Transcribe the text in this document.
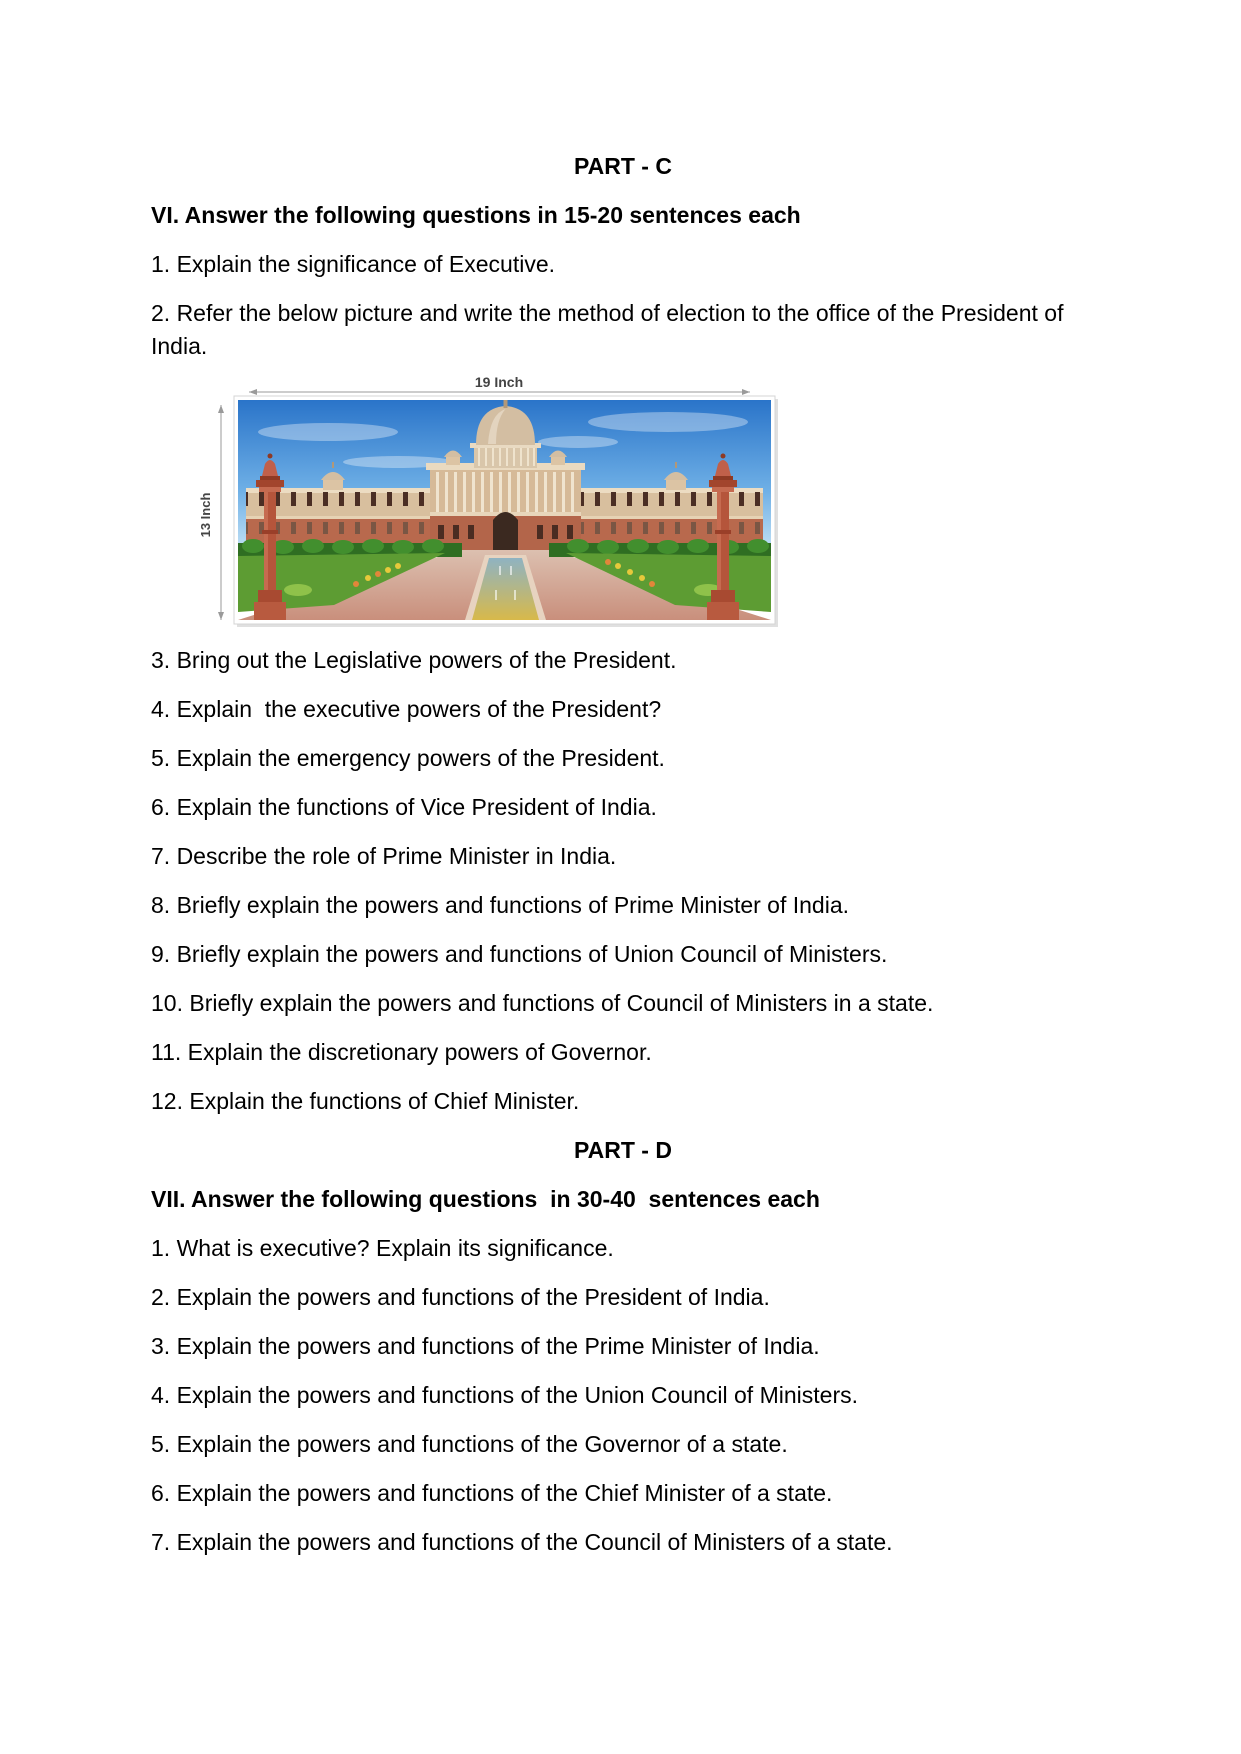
PART - C

VI. Answer the following questions in 15-20 sentences each

1. Explain the significance of Executive.

2. Refer the below picture and write the method of election to the office of the President of India.

19 Inch
13 Inch

3. Bring out the Legislative powers of the President.

4. Explain  the executive powers of the President?

5. Explain the emergency powers of the President.

6. Explain the functions of Vice President of India.

7. Describe the role of Prime Minister in India.

8. Briefly explain the powers and functions of Prime Minister of India.

9. Briefly explain the powers and functions of Union Council of Ministers.

10. Briefly explain the powers and functions of Council of Ministers in a state.

11. Explain the discretionary powers of Governor.

12. Explain the functions of Chief Minister.

PART - D

VII. Answer the following questions  in 30-40  sentences each

1. What is executive? Explain its significance.

2. Explain the powers and functions of the President of India.

3. Explain the powers and functions of the Prime Minister of India.

4. Explain the powers and functions of the Union Council of Ministers.

5. Explain the powers and functions of the Governor of a state.

6. Explain the powers and functions of the Chief Minister of a state.

7. Explain the powers and functions of the Council of Ministers of a state.
